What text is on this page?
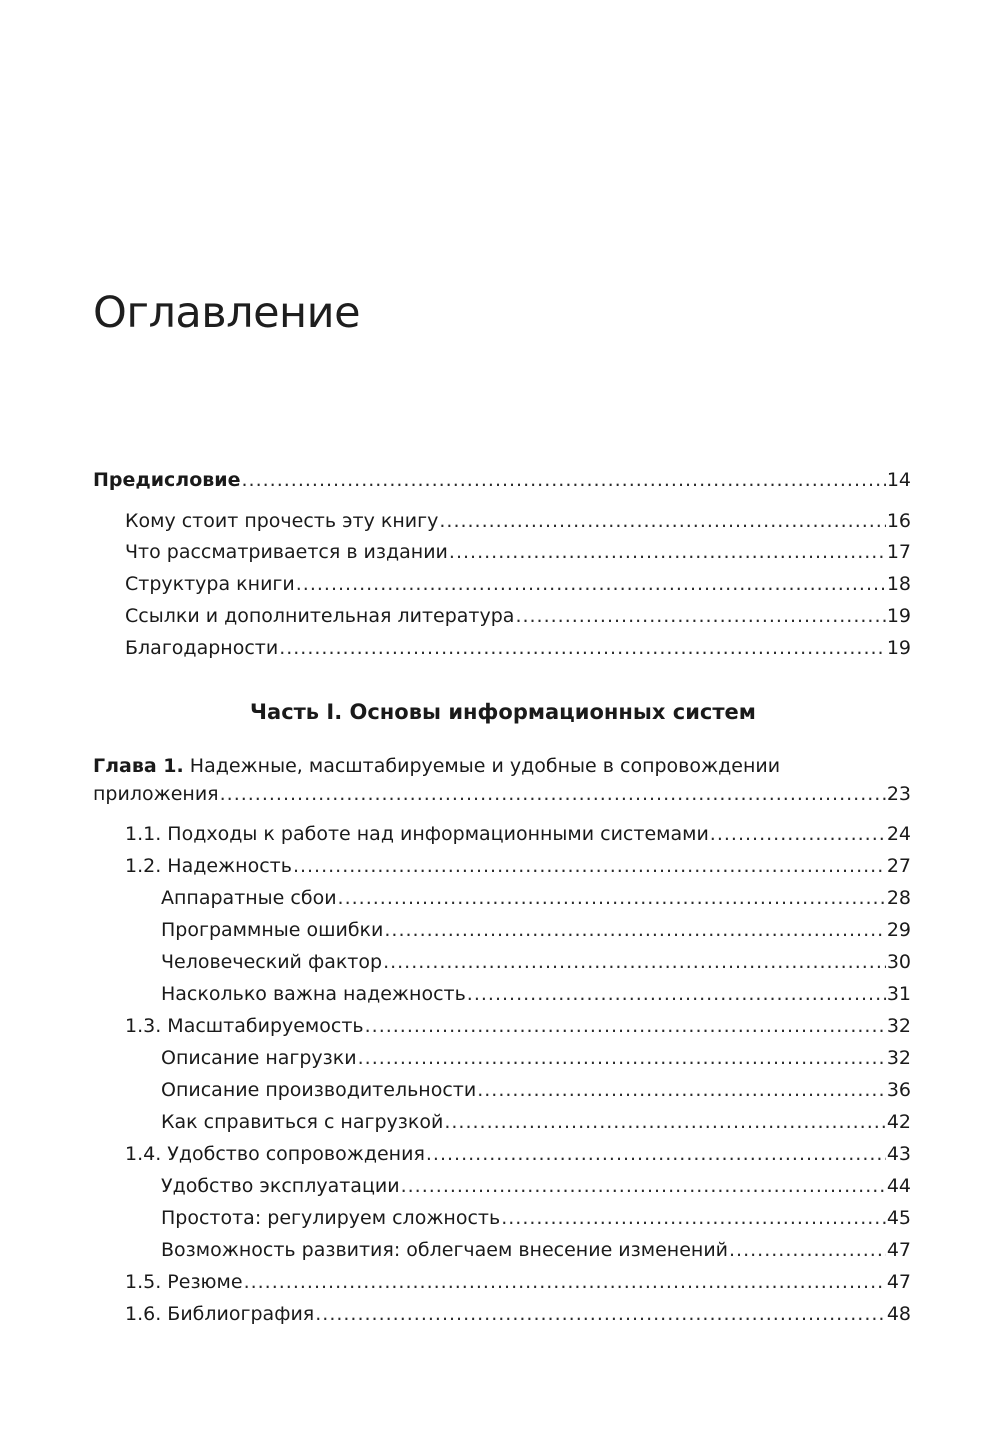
Оглавление
Предисловие .....	14
Кому стоит прочесть эту книгу .....	16
Что рассматривается в издании .....	17
Структура книги .....	18
Ссылки и дополнительная литература .....	19
Благодарности .....	19
Часть I. Основы информационных систем
Глава 1. Надежные, масштабируемые и удобные в сопровождении
приложения .....	23
1.1. Подходы к работе над информационными системами .....	24
1.2. Надежность .....	27
Аппаратные сбои .....	28
Программные ошибки .....	29
Человеческий фактор .....	30
Насколько важна надежность .....	31
1.3. Масштабируемость .....	32
Описание нагрузки .....	32
Описание производительности .....	36
Как справиться с нагрузкой .....	42
1.4. Удобство сопровождения .....	43
Удобство эксплуатации .....	44
Простота: регулируем сложность .....	45
Возможность развития: облегчаем внесение изменений .....	47
1.5. Резюме .....	47
1.6. Библиография .....	48
